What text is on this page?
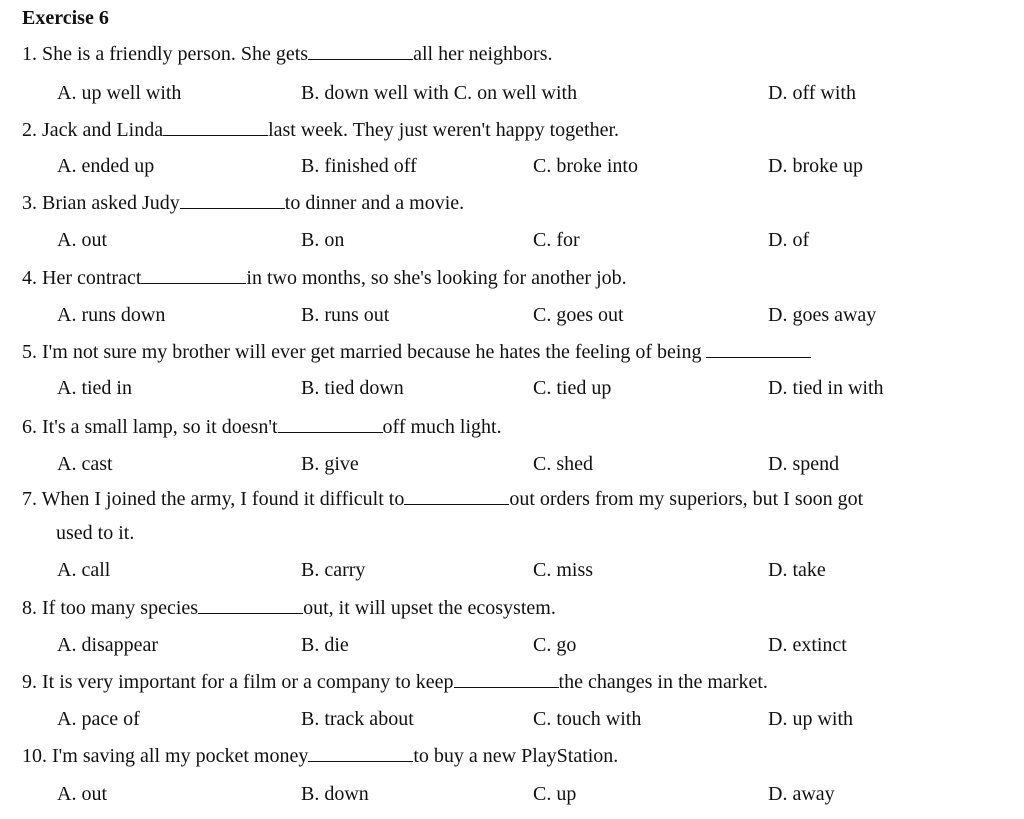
Exercise 6
1. She is a friendly person. She gets	all her neighbors.
A. up well with	B. down well with C. on well with	D. off with
2. Jack and Linda	last week. They just weren't happy together.
A. ended up	B. finished off	C. broke into	D. broke up
3. Brian asked Judy	to dinner and a movie.
A. out	B. on	C. for	D. of
4. Her contract	in two months, so she's looking for another job.
A. runs down	B. runs out	C. goes out	D. goes away
5. I'm not sure my brother will ever get married because he hates the feeling of being
A. tied in	B. tied down	C. tied up	D. tied in with
6. It's a small lamp, so it doesn't	off much light.
A. cast	B. give	C. shed	D. spend
7. When I joined the army, I found it difficult to	out orders from my superiors, but I soon got
used to it.
A. call	B. carry	C. miss	D. take
8. If too many species	out, it will upset the ecosystem.
A. disappear	B. die	C. go	D. extinct
9. It is very important for a film or a company to keep	the changes in the market.
A. pace of	B. track about	C. touch with	D. up with
10. I'm saving all my pocket money	to buy a new PlayStation.
A. out	B. down	C. up	D. away
